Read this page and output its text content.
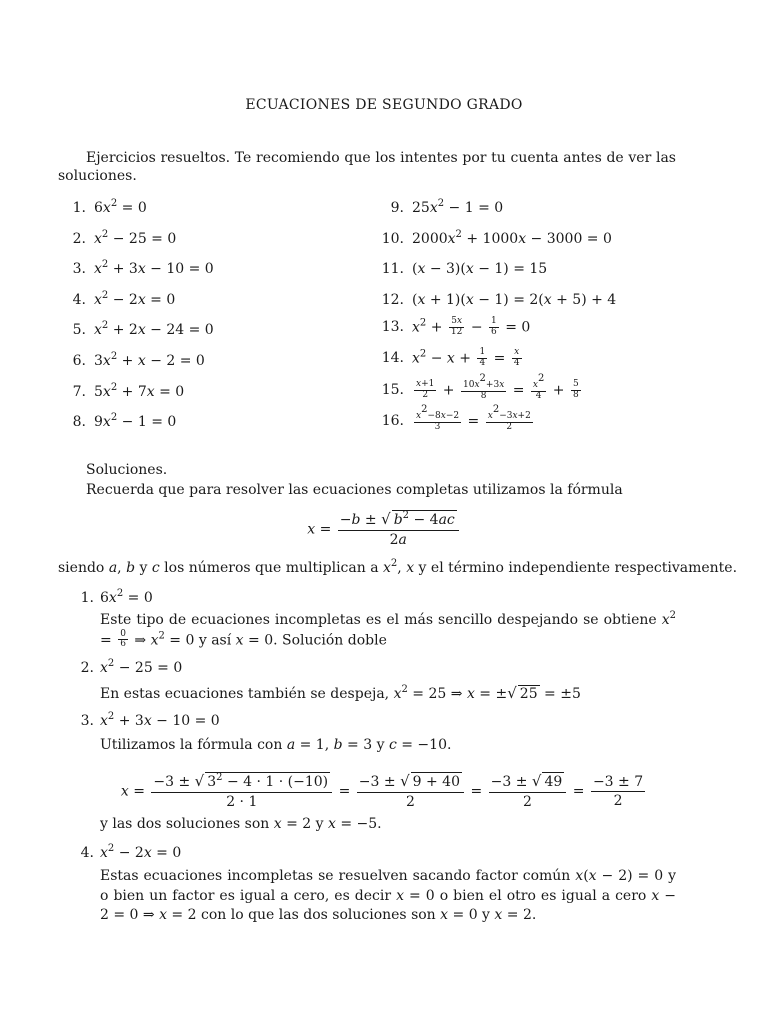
ECUACIONES DE SEGUNDO GRADO
Ejercicios resueltos. Te recomiendo que los intentes por tu cuenta antes de ver las soluciones.
1. $6x^2 = 0$
2. $x^2 - 25 = 0$
3. $x^2 + 3x - 10 = 0$
4. $x^2 - 2x = 0$
5. $x^2 + 2x - 24 = 0$
6. $3x^2 + x - 2 = 0$
7. $5x^2 + 7x = 0$
8. $9x^2 - 1 = 0$
9. $25x^2 - 1 = 0$
10. $2000x^2 + 1000x - 3000 = 0$
11. (x − 3)(x − 1) = 15
12. (x + 1)(x − 1) = 2(x + 5) + 4
13. $x^2 + \frac{5x}{12} - \frac{1}{6} = 0$
14. $x^2 - x + \frac{1}{4} = \frac{x}{4}$
15. $\frac{x+1}{2} + \frac{10x^2+3x}{8} = \frac{x^2}{4} + \frac{5}{8}$
16. $\frac{x^2-8x-2}{3} = \frac{x^2-3x+2}{2}$
Soluciones.
Recuerda que para resolver las ecuaciones completas utilizamos la fórmula
$x = \frac{-b \pm √ b^2 - 4ac}{2a}$
siendo a, b y c los números que multiplican a $x^2$, x y el término independiente respectivamente.
1. $6x^2 = 0$
Este tipo de ecuaciones incompletas es el más sencillo despejando se obtiene $x^2 = \frac{0}{6}$ ⇒ $x^2 = 0$ y así x = 0. Solución doble
2. $x^2 - 25 = 0$
En estas ecuaciones también se despeja, $x^2 = 25$ ⇒ x = ±√ 25 = ±5
3. $x^2 + 3x - 10 = 0$
Utilizamos la fórmula con a = 1, b = 3 y c = −10.
$x = \frac{-3 \pm √ 3^2 - 4 \cdot 1 \cdot (-10)}{2 \cdot 1} = \frac{-3 \pm √ 9 + 40}{2} = \frac{-3 \pm √ 49}{2} = \frac{-3 \pm 7}{2}$
y las dos soluciones son x = 2 y x = −5.
4. $x^2 - 2x = 0$
Estas ecuaciones incompletas se resuelven sacando factor común x(x − 2) = 0 y o bien un factor es igual a cero, es decir x = 0 o bien el otro es igual a cero x − 2 = 0 ⇒ x = 2 con lo que las dos soluciones son x = 0 y x = 2.
